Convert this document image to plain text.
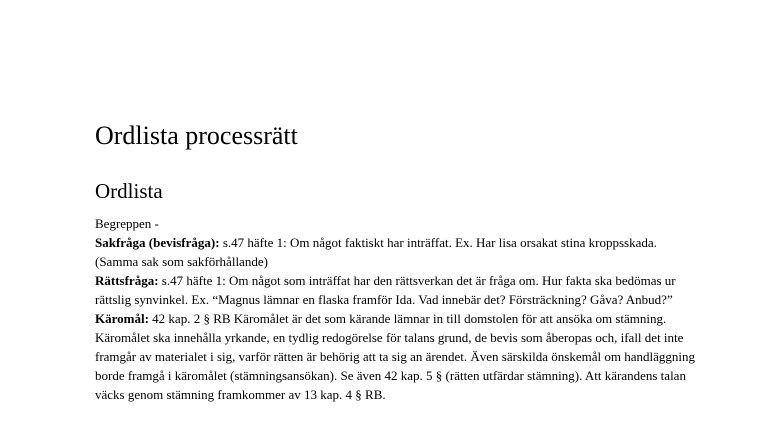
Ordlista processrätt
Ordlista

Begreppen -

Sakfråga (bevisfråga): s.47 häfte 1: Om något faktiskt har inträffat. Ex. Har lisa orsakat stina kroppsskada. (Samma sak som sakförhållande)

Rättsfråga: s.47 häfte 1: Om något som inträffat har den rättsverkan det är fråga om. Hur fakta ska bedömas ur rättslig synvinkel. Ex. “Magnus lämnar en flaska framför Ida. Vad innebär det? Försträckning? Gåva? Anbud?”

Käromål: 42 kap. 2 § RB Käromålet är det som kärande lämnar in till domstolen för att ansöka om stämning. Käromålet ska innehålla yrkande, en tydlig redogörelse för talans grund, de bevis som åberopas och, ifall det inte framgår av materialet i sig, varför rätten är behörig att ta sig an ärendet. Även särskilda önskemål om handläggning borde framgå i käromålet (stämningsansökan). Se även 42 kap. 5 § (rätten utfärdar stämning). Att kärandens talan väcks genom stämning framkommer av 13 kap. 4 § RB.
